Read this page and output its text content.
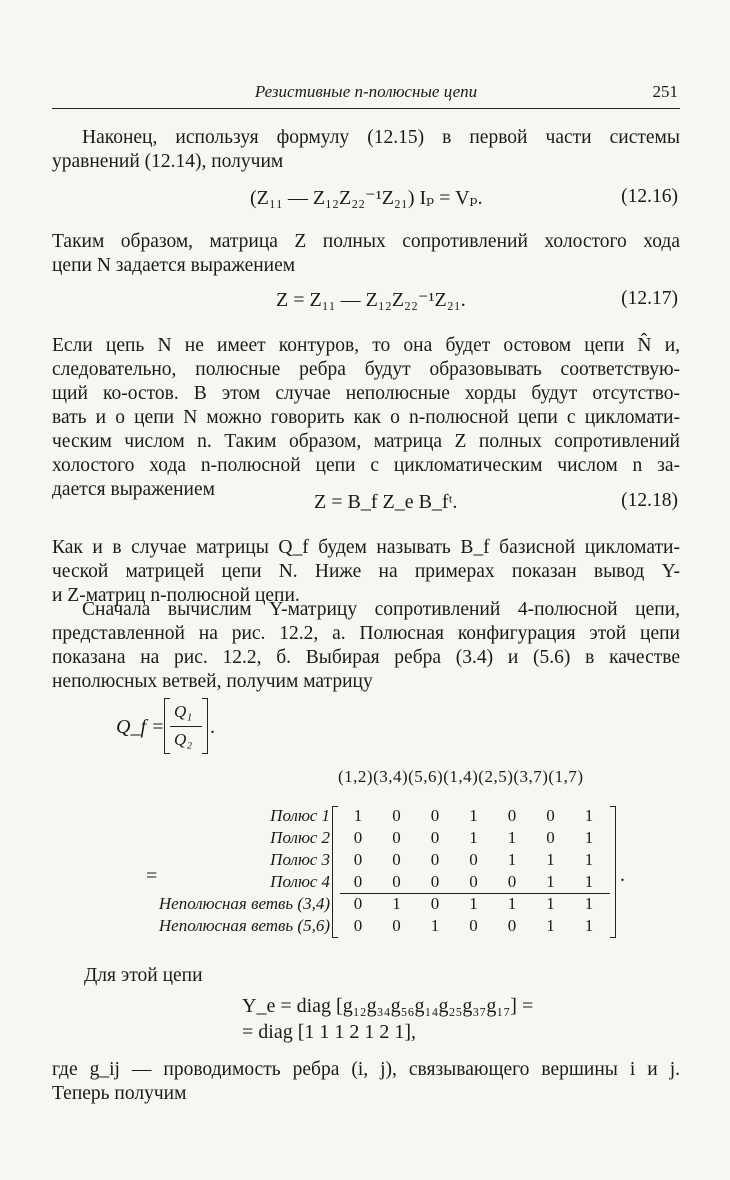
Резистивные n-полюсные цепи	251
Наконец, используя формулу (12.15) в первой части системы
уравнений (12.14), получим
(Z₁₁ — Z₁₂Z₂₂⁻¹Z₂₁) Iₚ = Vₚ.	(12.16)
Таким образом, матрица Z полных сопротивлений холостого хода
цепи N задается выражением
Z = Z₁₁ — Z₁₂Z₂₂⁻¹Z₂₁.	(12.17)
Если цепь N не имеет контуров, то она будет остовом цепи N̂ и,
следовательно, полюсные ребра будут образовывать соответствую-
щий ко-остов. В этом случае неполюсные хорды будут отсутство-
вать и о цепи N можно говорить как о n-полюсной цепи с цикломати-
ческим числом n. Таким образом, матрица Z полных сопротивлений
холостого хода n-полюсной цепи с цикломатическим числом n за-
дается выражением
Z = B_f Z_e B_fᵗ.	(12.18)
Как и в случае матрицы Q_f будем называть B_f базисной цикломати-
ческой матрицей цепи N. Ниже на примерах показан вывод Y-
и Z-матриц n-полюсной цепи.
Сначала вычислим Y-матрицу сопротивлений 4-полюсной цепи,
представленной на рис. 12.2, а. Полюсная конфигурация этой цепи
показана на рис. 12.2, б. Выбирая ребра (3.4) и (5.6) в качестве
неполюсных ветвей, получим матрицу
Q_f =
Q₁
Q₂
.
(1,2)(3,4)(5,6)(1,4)(2,5)(3,7)(1,7)
Полюс 1	1	0	0	1	0	0	1
Полюс 2	0	0	0	1	1	0	1
Полюс 3	0	0	0	0	1	1	1
Полюс 4	0	0	0	0	0	1	1
Неполюсная ветвь (3,4)	0	1	0	1	1	1	1
Неполюсная ветвь (5,6)	0	0	1	0	0	1	1
.
=
Для этой цепи
Y_e = diag [g₁₂g₃₄g₅₆g₁₄g₂₅g₃₇g₁₇] =
= diag [1 1 1 2 1 2 1],
где g_ij — проводимость ребра (i, j), связывающего вершины i и j.
Теперь получим
